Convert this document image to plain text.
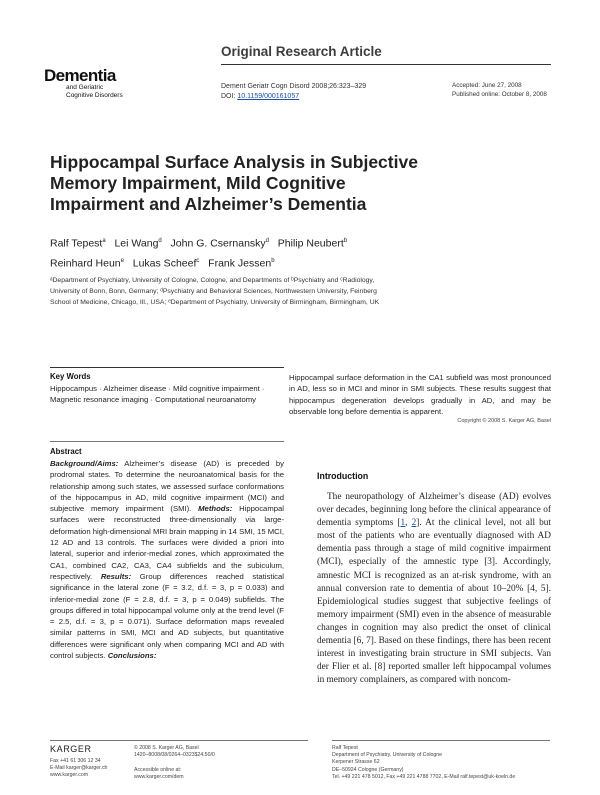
Original Research Article
Dementia
and Geriatric
Cognitive Disorders
Dement Geriatr Cogn Disord 2008;26:323–329
DOI: 10.1159/000161057
Accepted: June 27, 2008
Published online: October 8, 2008
Hippocampal Surface Analysis in Subjective
Memory Impairment, Mild Cognitive
Impairment and Alzheimer’s Dementia
Ralf Tepest$^a$ Lei Wang$^d$ John G. Csernansky$^d$ Philip Neubert$^b$
Reinhard Heun$^e$ Lukas Scheef$^c$ Frank Jessen$^b$
ᵃDepartment of Psychiatry, University of Cologne, Cologne, and Departments of ᵇPsychiatry and ᶜRadiology,
University of Bonn, Bonn, Germany; ᵈPsychiatry and Behavioral Sciences, Northwestern University, Feinberg
School of Medicine, Chicago, Ill., USA; ᵉDepartment of Psychiatry, University of Birmingham, Birmingham, UK
Key Words
Hippocampus · Alzheimer disease · Mild cognitive impairment · Magnetic resonance imaging · Computational neuroanatomy
Abstract
Background/Aims: Alzheimer’s disease (AD) is preceded by prodromal states. To determine the neuroanatomical basis for the relationship among such states, we assessed surface conformations of the hippocampus in AD, mild cognitive impairment (MCI) and subjective memory impairment (SMI). Methods: Hippocampal surfaces were reconstructed three-dimensionally via large-deformation high-dimensional MRI brain mapping in 14 SMI, 15 MCI, 12 AD and 13 controls. The surfaces were divided a priori into lateral, superior and inferior-medial zones, which approximated the CA1, combined CA2, CA3, CA4 subfields and the subiculum, respectively. Results: Group differences reached statistical significance in the lateral zone (F = 3.2, d.f. = 3, p = 0.033) and inferior-medial zone (F = 2.8, d.f. = 3, p = 0.049) subfields. The groups differed in total hippocampal volume only at the trend level (F = 2.5, d.f. = 3, p = 0.071). Surface deformation maps revealed similar patterns in SMI, MCI and AD subjects, but quantitative differences were significant only when comparing MCI and AD with control subjects. Conclusions:
Hippocampal surface deformation in the CA1 subfield was most pronounced in AD, less so in MCI and minor in SMI subjects. These results suggest that hippocampus degeneration develops gradually in AD, and may be observable long before dementia is apparent.
Copyright © 2008 S. Karger AG, Basel
Introduction
The neuropathology of Alzheimer’s disease (AD) evolves over decades, beginning long before the clinical appearance of dementia symptoms [1, 2]. At the clinical level, not all but most of the patients who are eventually diagnosed with AD dementia pass through a stage of mild cognitive impairment (MCI), especially of the amnestic type [3]. Accordingly, amnestic MCI is recognized as an at-risk syndrome, with an annual conversion rate to dementia of about 10–20% [4, 5]. Epidemiological studies suggest that subjective feelings of memory impairment (SMI) even in the absence of measurable changes in cognition may also predict the onset of clinical dementia [6, 7]. Based on these findings, there has been recent interest in investigating brain structure in SMI subjects. Van der Flier et al. [8] reported smaller left hippocampal volumes in memory complainers, as compared with noncom-
KARGER
Fax +41 61 306 12 34
E-Mail karger@karger.ch
www.karger.com
© 2008 S. Karger AG, Basel
1420–8008/08/0264–0323$24.50/0
Accessible online at:
www.karger.com/dem
Ralf Tepest
Department of Psychiatry, University of Cologne
Kerpener Strasse 62
DE–50924 Cologne (Germany)
Tel. +49 221 478 5012, Fax +49 221 4788 7702, E-Mail ralf.tepest@uk-koeln.de
